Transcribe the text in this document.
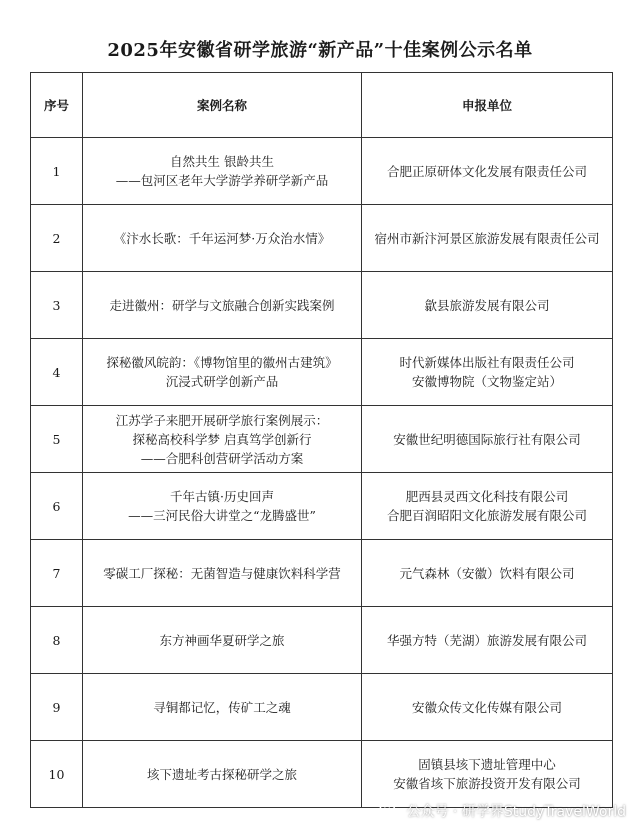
2025年安徽省研学旅游“新产品”十佳案例公示名单
序号	案例名称	申报单位
1	自然共生 银龄共生
——包河区老年大学游学养研学新产品	合肥正原研体文化发展有限责任公司

2	《汴水长歌：千年运河梦·万众治水情》	宿州市新汴河景区旅游发展有限责任公司

3	走进徽州：研学与文旅融合创新实践案例	歙县旅游发展有限公司

4	探秘徽风皖韵：《博物馆里的徽州古建筑》
沉浸式研学创新产品	时代新媒体出版社有限责任公司
安徽博物院（文物鉴定站）

5	江苏学子来肥开展研学旅行案例展示：
探秘高校科学梦 启真笃学创新行
——合肥科创营研学活动方案	安徽世纪明德国际旅行社有限公司

6	千年古镇·历史回声
——三河民俗大讲堂之“龙腾盛世”	肥西县灵西文化科技有限公司
合肥百润昭阳文化旅游发展有限公司

7	零碳工厂探秘：无菌智造与健康饮料科学营	元气森林（安徽）饮料有限公司

8	东方神画华夏研学之旅	华强方特（芜湖）旅游发展有限公司

9	寻铜都记忆，传矿工之魂	安徽众传文化传媒有限公司

10	垓下遗址考古探秘研学之旅	固镇县垓下遗址管理中心
安徽省垓下旅游投资开发有限公司
公众号 · 研学界StudyTravelWorld
